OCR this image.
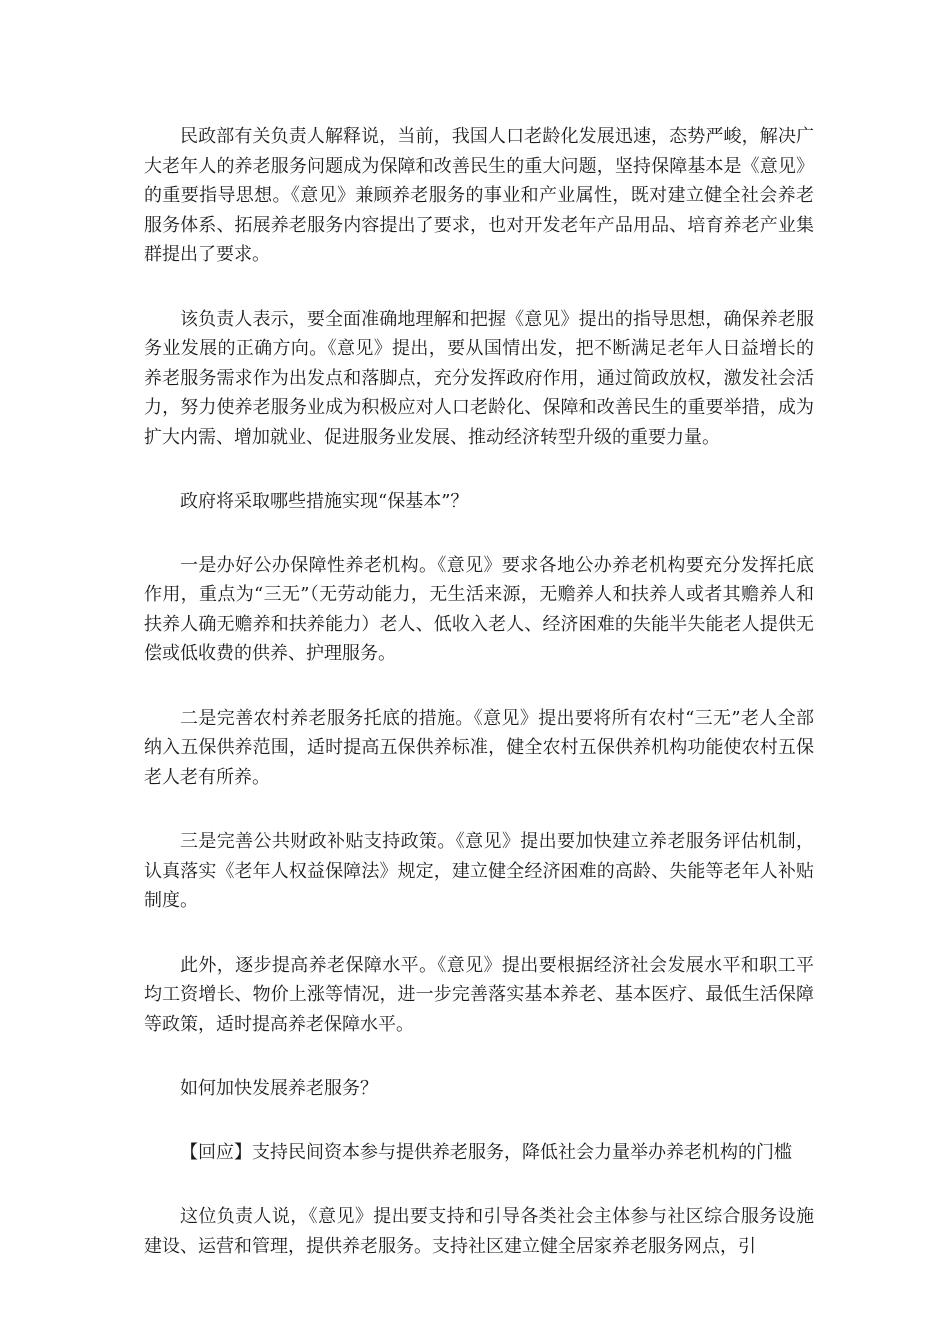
民政部有关负责人解释说，当前，我国人口老龄化发展迅速，态势严峻，解决广大老年人的养老服务问题成为保障和改善民生的重大问题，坚持保障基本是《意见》的重要指导思想。《意见》兼顾养老服务的事业和产业属性，既对建立健全社会养老服务体系、拓展养老服务内容提出了要求，也对开发老年产品用品、培育养老产业集群提出了要求。

该负责人表示，要全面准确地理解和把握《意见》提出的指导思想，确保养老服务业发展的正确方向。《意见》提出，要从国情出发，把不断满足老年人日益增长的养老服务需求作为出发点和落脚点，充分发挥政府作用，通过简政放权，激发社会活力，努力使养老服务业成为积极应对人口老龄化、保障和改善民生的重要举措，成为扩大内需、增加就业、促进服务业发展、推动经济转型升级的重要力量。

政府将采取哪些措施实现“保基本”？

一是办好公办保障性养老机构。《意见》要求各地公办养老机构要充分发挥托底作用，重点为“三无”（无劳动能力，无生活来源，无赡养人和扶养人或者其赡养人和扶养人确无赡养和扶养能力）老人、低收入老人、经济困难的失能半失能老人提供无偿或低收费的供养、护理服务。

二是完善农村养老服务托底的措施。《意见》提出要将所有农村“三无”老人全部纳入五保供养范围，适时提高五保供养标准，健全农村五保供养机构功能使农村五保老人老有所养。

三是完善公共财政补贴支持政策。《意见》提出要加快建立养老服务评估机制，认真落实《老年人权益保障法》规定，建立健全经济困难的高龄、失能等老年人补贴制度。

此外，逐步提高养老保障水平。《意见》提出要根据经济社会发展水平和职工平均工资增长、物价上涨等情况，进一步完善落实基本养老、基本医疗、最低生活保障等政策，适时提高养老保障水平。

如何加快发展养老服务？

【回应】支持民间资本参与提供养老服务，降低社会力量举办养老机构的门槛

这位负责人说，《意见》提出要支持和引导各类社会主体参与社区综合服务设施建设、运营和管理，提供养老服务。支持社区建立健全居家养老服务网点，引
